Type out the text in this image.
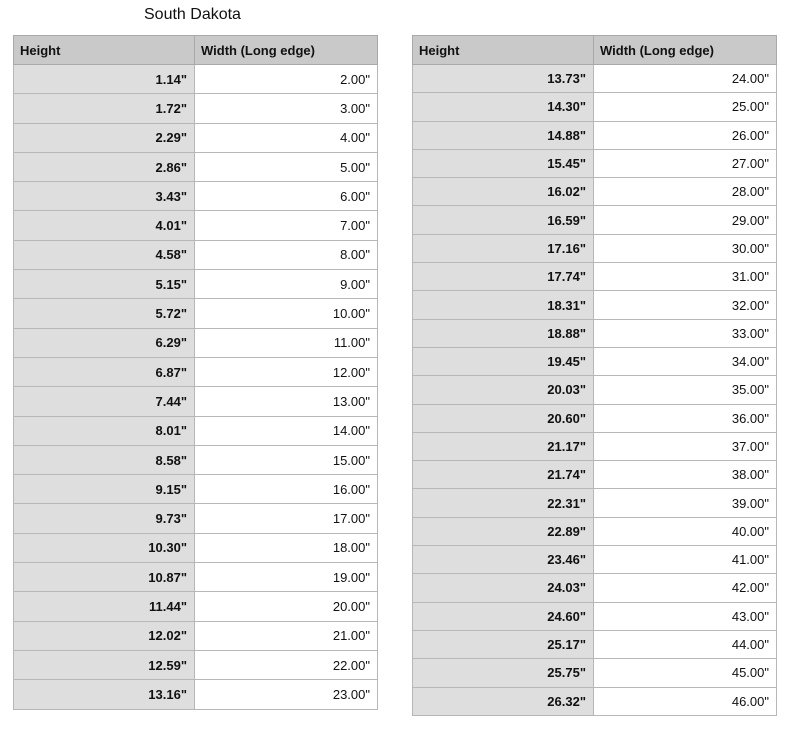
South Dakota
Height	Width (Long edge)
1.14"	2.00"
1.72"	3.00"
2.29"	4.00"
2.86"	5.00"
3.43"	6.00"
4.01"	7.00"
4.58"	8.00"
5.15"	9.00"
5.72"	10.00"
6.29"	11.00"
6.87"	12.00"
7.44"	13.00"
8.01"	14.00"
8.58"	15.00"
9.15"	16.00"
9.73"	17.00"
10.30"	18.00"
10.87"	19.00"
11.44"	20.00"
12.02"	21.00"
12.59"	22.00"
13.16"	23.00"
Height	Width (Long edge)
13.73"	24.00"
14.30"	25.00"
14.88"	26.00"
15.45"	27.00"
16.02"	28.00"
16.59"	29.00"
17.16"	30.00"
17.74"	31.00"
18.31"	32.00"
18.88"	33.00"
19.45"	34.00"
20.03"	35.00"
20.60"	36.00"
21.17"	37.00"
21.74"	38.00"
22.31"	39.00"
22.89"	40.00"
23.46"	41.00"
24.03"	42.00"
24.60"	43.00"
25.17"	44.00"
25.75"	45.00"
26.32"	46.00"
